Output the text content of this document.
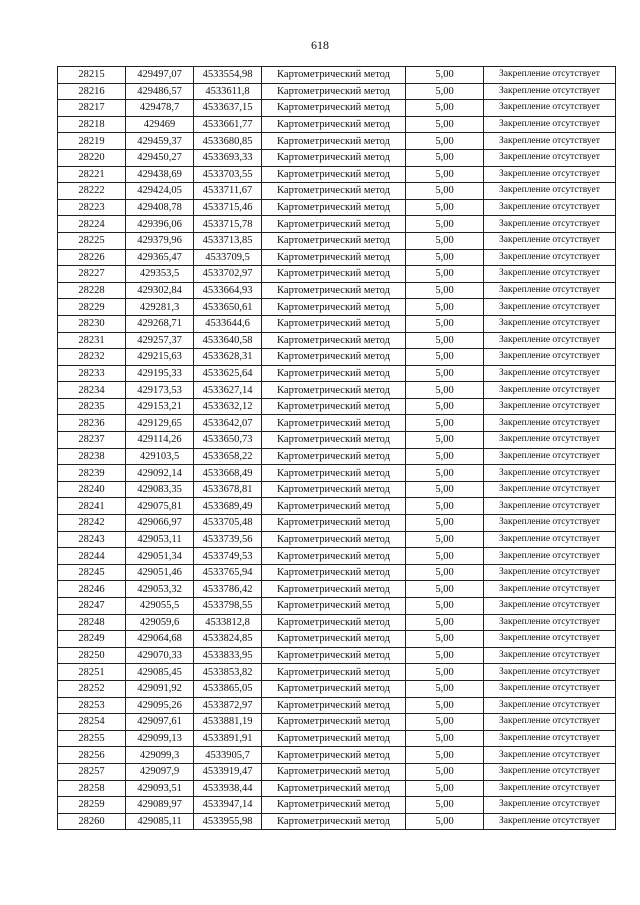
618
28215	429497,07	4533554,98	Картометрический метод	5,00	Закрепление отсутствует
28216	429486,57	4533611,8	Картометрический метод	5,00	Закрепление отсутствует
28217	429478,7	4533637,15	Картометрический метод	5,00	Закрепление отсутствует
28218	429469	4533661,77	Картометрический метод	5,00	Закрепление отсутствует
28219	429459,37	4533680,85	Картометрический метод	5,00	Закрепление отсутствует
28220	429450,27	4533693,33	Картометрический метод	5,00	Закрепление отсутствует
28221	429438,69	4533703,55	Картометрический метод	5,00	Закрепление отсутствует
28222	429424,05	4533711,67	Картометрический метод	5,00	Закрепление отсутствует
28223	429408,78	4533715,46	Картометрический метод	5,00	Закрепление отсутствует
28224	429396,06	4533715,78	Картометрический метод	5,00	Закрепление отсутствует
28225	429379,96	4533713,85	Картометрический метод	5,00	Закрепление отсутствует
28226	429365,47	4533709,5	Картометрический метод	5,00	Закрепление отсутствует
28227	429353,5	4533702,97	Картометрический метод	5,00	Закрепление отсутствует
28228	429302,84	4533664,93	Картометрический метод	5,00	Закрепление отсутствует
28229	429281,3	4533650,61	Картометрический метод	5,00	Закрепление отсутствует
28230	429268,71	4533644,6	Картометрический метод	5,00	Закрепление отсутствует
28231	429257,37	4533640,58	Картометрический метод	5,00	Закрепление отсутствует
28232	429215,63	4533628,31	Картометрический метод	5,00	Закрепление отсутствует
28233	429195,33	4533625,64	Картометрический метод	5,00	Закрепление отсутствует
28234	429173,53	4533627,14	Картометрический метод	5,00	Закрепление отсутствует
28235	429153,21	4533632,12	Картометрический метод	5,00	Закрепление отсутствует
28236	429129,65	4533642,07	Картометрический метод	5,00	Закрепление отсутствует
28237	429114,26	4533650,73	Картометрический метод	5,00	Закрепление отсутствует
28238	429103,5	4533658,22	Картометрический метод	5,00	Закрепление отсутствует
28239	429092,14	4533668,49	Картометрический метод	5,00	Закрепление отсутствует
28240	429083,35	4533678,81	Картометрический метод	5,00	Закрепление отсутствует
28241	429075,81	4533689,49	Картометрический метод	5,00	Закрепление отсутствует
28242	429066,97	4533705,48	Картометрический метод	5,00	Закрепление отсутствует
28243	429053,11	4533739,56	Картометрический метод	5,00	Закрепление отсутствует
28244	429051,34	4533749,53	Картометрический метод	5,00	Закрепление отсутствует
28245	429051,46	4533765,94	Картометрический метод	5,00	Закрепление отсутствует
28246	429053,32	4533786,42	Картометрический метод	5,00	Закрепление отсутствует
28247	429055,5	4533798,55	Картометрический метод	5,00	Закрепление отсутствует
28248	429059,6	4533812,8	Картометрический метод	5,00	Закрепление отсутствует
28249	429064,68	4533824,85	Картометрический метод	5,00	Закрепление отсутствует
28250	429070,33	4533833,95	Картометрический метод	5,00	Закрепление отсутствует
28251	429085,45	4533853,82	Картометрический метод	5,00	Закрепление отсутствует
28252	429091,92	4533865,05	Картометрический метод	5,00	Закрепление отсутствует
28253	429095,26	4533872,97	Картометрический метод	5,00	Закрепление отсутствует
28254	429097,61	4533881,19	Картометрический метод	5,00	Закрепление отсутствует
28255	429099,13	4533891,91	Картометрический метод	5,00	Закрепление отсутствует
28256	429099,3	4533905,7	Картометрический метод	5,00	Закрепление отсутствует
28257	429097,9	4533919,47	Картометрический метод	5,00	Закрепление отсутствует
28258	429093,51	4533938,44	Картометрический метод	5,00	Закрепление отсутствует
28259	429089,97	4533947,14	Картометрический метод	5,00	Закрепление отсутствует
28260	429085,11	4533955,98	Картометрический метод	5,00	Закрепление отсутствует
